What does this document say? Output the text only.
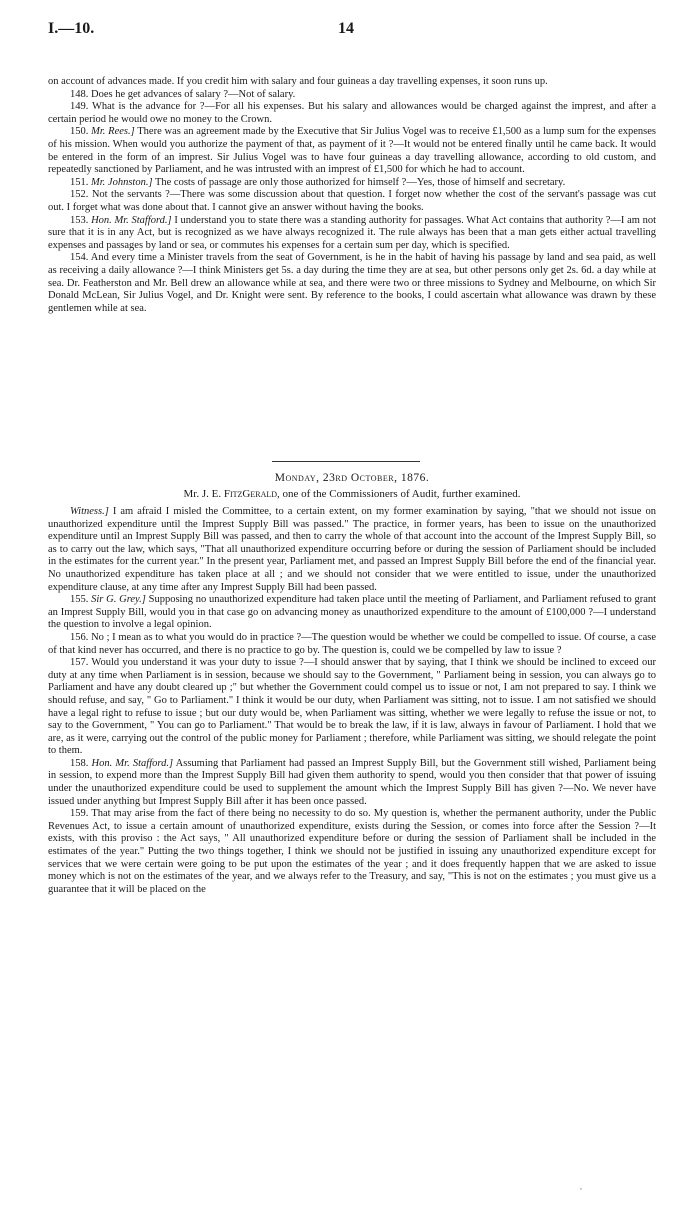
I.—10.	14

on account of advances made. If you credit him with salary and four guineas a day travelling expenses, it soon runs up.

148. Does he get advances of salary ?—Not of salary.

149. What is the advance for ?—For all his expenses. But his salary and allowances would be charged against the imprest, and after a certain period he would owe no money to the Crown.

150. Mr. Rees.] There was an agreement made by the Executive that Sir Julius Vogel was to receive £1,500 as a lump sum for the expenses of his mission. When would you authorize the payment of that, as payment of it ?—It would not be entered finally until he came back. It would be entered in the form of an imprest. Sir Julius Vogel was to have four guineas a day travelling allowance, according to old custom, and repeatedly sanctioned by Parliament, and he was intrusted with an imprest of £1,500 for which he had to account.

151. Mr. Johnston.] The costs of passage are only those authorized for himself ?—Yes, those of himself and secretary.

152. Not the servants ?—There was some discussion about that question. I forget now whether the cost of the servant's passage was cut out. I forget what was done about that. I cannot give an answer without having the books.

153. Hon. Mr. Stafford.] I understand you to state there was a standing authority for passages. What Act contains that authority ?—I am not sure that it is in any Act, but is recognized as we have always recognized it. The rule always has been that a man gets either actual travelling expenses and passages by land or sea, or commutes his expenses for a certain sum per day, which is specified.

154. And every time a Minister travels from the seat of Government, is he in the habit of having his passage by land and sea paid, as well as receiving a daily allowance ?—I think Ministers get 5s. a day during the time they are at sea, but other persons only get 2s. 6d. a day while at sea. Dr. Featherston and Mr. Bell drew an allowance while at sea, and there were two or three missions to Sydney and Melbourne, on which Sir Donald McLean, Sir Julius Vogel, and Dr. Knight were sent. By reference to the books, I could ascertain what allowance was drawn by these gentlemen while at sea.

Monday, 23rd October, 1876.
Mr. J. E. FitzGerald, one of the Commissioners of Audit, further examined.

Witness.] I am afraid I misled the Committee, to a certain extent, on my former examination by saying, "that we should not issue on unauthorized expenditure until the Imprest Supply Bill was passed." The practice, in former years, has been to issue on the unauthorized expenditure until an Imprest Supply Bill was passed, and then to carry the whole of that account into the account of the Imprest Supply Bill, so as to carry out the law, which says, "That all unauthorized expenditure occurring before or during the session of Parliament should be included in the estimates for the current year." In the present year, Parliament met, and passed an Imprest Supply Bill before the end of the financial year. No unauthorized expenditure has taken place at all ; and we should not consider that we were entitled to issue, under the unauthorized expenditure clause, at any time after any Imprest Supply Bill had been passed.

155. Sir G. Grey.] Supposing no unauthorized expenditure had taken place until the meeting of Parliament, and Parliament refused to grant an Imprest Supply Bill, would you in that case go on advancing money as unauthorized expenditure to the amount of £100,000 ?—I understand the question to involve a legal opinion.

156. No ; I mean as to what you would do in practice ?—The question would be whether we could be compelled to issue. Of course, a case of that kind never has occurred, and there is no practice to go by. The question is, could we be compelled by law to issue ?

157. Would you understand it was your duty to issue ?—I should answer that by saying, that I think we should be inclined to exceed our duty at any time when Parliament is in session, because we should say to the Government, " Parliament being in session, you can always go to Parliament and have any doubt cleared up ;" but whether the Government could compel us to issue or not, I am not prepared to say. I think we should refuse, and say, " Go to Parliament." I think it would be our duty, when Parliament was sitting, not to issue. I am not satisfied we should have a legal right to refuse to issue ; but our duty would be, when Parliament was sitting, whether we were legally to refuse the issue or not, to say to the Government, " You can go to Parliament." That would be to break the law, if it is law, always in favour of Parliament. I hold that we are, as it were, carrying out the control of the public money for Parliament ; therefore, while Parliament was sitting, we should relegate the point to them.

158. Hon. Mr. Stafford.] Assuming that Parliament had passed an Imprest Supply Bill, but the Government still wished, Parliament being in session, to expend more than the Imprest Supply Bill had given them authority to spend, would you then consider that that power of issuing under the unauthorized expenditure could be used to supplement the amount which the Imprest Supply Bill has given ?—No. We never have issued under anything but Imprest Supply Bill after it has been once passed.

159. That may arise from the fact of there being no necessity to do so. My question is, whether the permanent authority, under the Public Revenues Act, to issue a certain amount of unauthorized expenditure, exists during the Session, or comes into force after the Session ?—It exists, with this proviso : the Act says, " All unauthorized expenditure before or during the session of Parliament shall be included in the estimates of the year." Putting the two things together, I think we should not be justified in issuing any unauthorized expenditure except for services that we were certain were going to be put upon the estimates of the year ; and it does frequently happen that we are asked to issue money which is not on the estimates of the year, and we always refer to the Treasury, and say, "This is not on the estimates ; you must give us a guarantee that it will be placed on the

,
